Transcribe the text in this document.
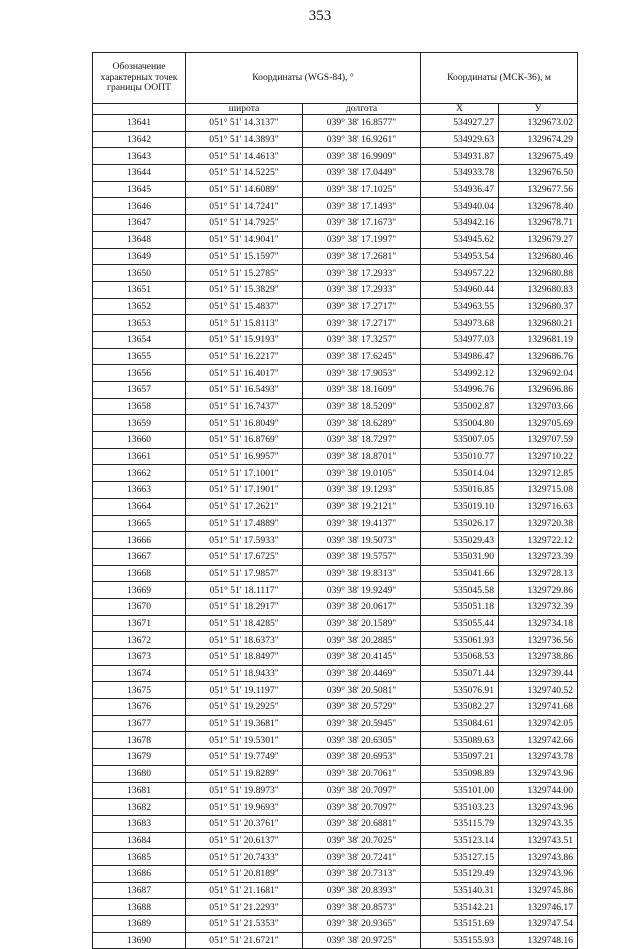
353
Обозначение характерных точек границы ООПТ	Координаты (WGS-84), °		Координаты (МСК-36), м	
	широта	долгота	X	У
13641	051° 51' 14.3137"	039° 38' 16.8577"	534927.27	1329673.02
13642	051° 51' 14.3893"	039° 38' 16.9261"	534929.63	1329674.29
13643	051° 51' 14.4613"	039° 38' 16.9909"	534931.87	1329675.49
13644	051° 51' 14.5225"	039° 38' 17.0449"	534933.78	1329676.50
13645	051° 51' 14.6089"	039° 38' 17.1025"	534936.47	1329677.56
13646	051° 51' 14.7241"	039° 38' 17.1493"	534940.04	1329678.40
13647	051° 51' 14.7925"	039° 38' 17.1673"	534942.16	1329678.71
13648	051° 51' 14.9041"	039° 38' 17.1997"	534945.62	1329679.27
13649	051° 51' 15.1597"	039° 38' 17.2681"	534953.54	1329680.46
13650	051° 51' 15.2785"	039° 38' 17.2933"	534957.22	1329680.88
13651	051° 51' 15.3829"	039° 38' 17.2933"	534960.44	1329680.83
13652	051° 51' 15.4837"	039° 38' 17.2717"	534963.55	1329680.37
13653	051° 51' 15.8113"	039° 38' 17.2717"	534973.68	1329680.21
13654	051° 51' 15.9193"	039° 38' 17.3257"	534977.03	1329681.19
13655	051° 51' 16.2217"	039° 38' 17.6245"	534986.47	1329686.76
13656	051° 51' 16.4017"	039° 38' 17.9053"	534992.12	1329692.04
13657	051° 51' 16.5493"	039° 38' 18.1609"	534996.76	1329696.86
13658	051° 51' 16.7437"	039° 38' 18.5209"	535002.87	1329703.66
13659	051° 51' 16.8049"	039° 38' 18.6289"	535004.80	1329705.69
13660	051° 51' 16.8769"	039° 38' 18.7297"	535007.05	1329707.59
13661	051° 51' 16.9957"	039° 38' 18.8701"	535010.77	1329710.22
13662	051° 51' 17.1001"	039° 38' 19.0105"	535014.04	1329712.85
13663	051° 51' 17.1901"	039° 38' 19.1293"	535016.85	1329715.08
13664	051° 51' 17.2621"	039° 38' 19.2121"	535019.10	1329716.63
13665	051° 51' 17.4889"	039° 38' 19.4137"	535026.17	1329720.38
13666	051° 51' 17.5933"	039° 38' 19.5073"	535029.43	1329722.12
13667	051° 51' 17.6725"	039° 38' 19.5757"	535031.90	1329723.39
13668	051° 51' 17.9857"	039° 38' 19.8313"	535041.66	1329728.13
13669	051° 51' 18.1117"	039° 38' 19.9249"	535045.58	1329729.86
13670	051° 51' 18.2917"	039° 38' 20.0617"	535051.18	1329732.39
13671	051° 51' 18.4285"	039° 38' 20.1589"	535055.44	1329734.18
13672	051° 51' 18.6373"	039° 38' 20.2885"	535061.93	1329736.56
13673	051° 51' 18.8497"	039° 38' 20.4145"	535068.53	1329738.86
13674	051° 51' 18.9433"	039° 38' 20.4469"	535071.44	1329739.44
13675	051° 51' 19.1197"	039° 38' 20.5081"	535076.91	1329740.52
13676	051° 51' 19.2925"	039° 38' 20.5729"	535082.27	1329741.68
13677	051° 51' 19.3681"	039° 38' 20.5945"	535084.61	1329742.05
13678	051° 51' 19.5301"	039° 38' 20.6305"	535089.63	1329742.66
13679	051° 51' 19.7749"	039° 38' 20.6953"	535097.21	1329743.78
13680	051° 51' 19.8289"	039° 38' 20.7061"	535098.89	1329743.96
13681	051° 51' 19.8973"	039° 38' 20.7097"	535101.00	1329744.00
13682	051° 51' 19.9693"	039° 38' 20.7097"	535103.23	1329743.96
13683	051° 51' 20.3761"	039° 38' 20.6881"	535115.79	1329743.35
13684	051° 51' 20.6137"	039° 38' 20.7025"	535123.14	1329743.51
13685	051° 51' 20.7433"	039° 38' 20.7241"	535127.15	1329743.86
13686	051° 51' 20.8189"	039° 38' 20.7313"	535129.49	1329743.96
13687	051° 51' 21.1681"	039° 38' 20.8393"	535140.31	1329745.86
13688	051° 51' 21.2293"	039° 38' 20.8573"	535142.21	1329746.17
13689	051° 51' 21.5353"	039° 38' 20.9365"	535151.69	1329747.54
13690	051° 51' 21.6721"	039° 38' 20.9725"	535155.93	1329748.16
